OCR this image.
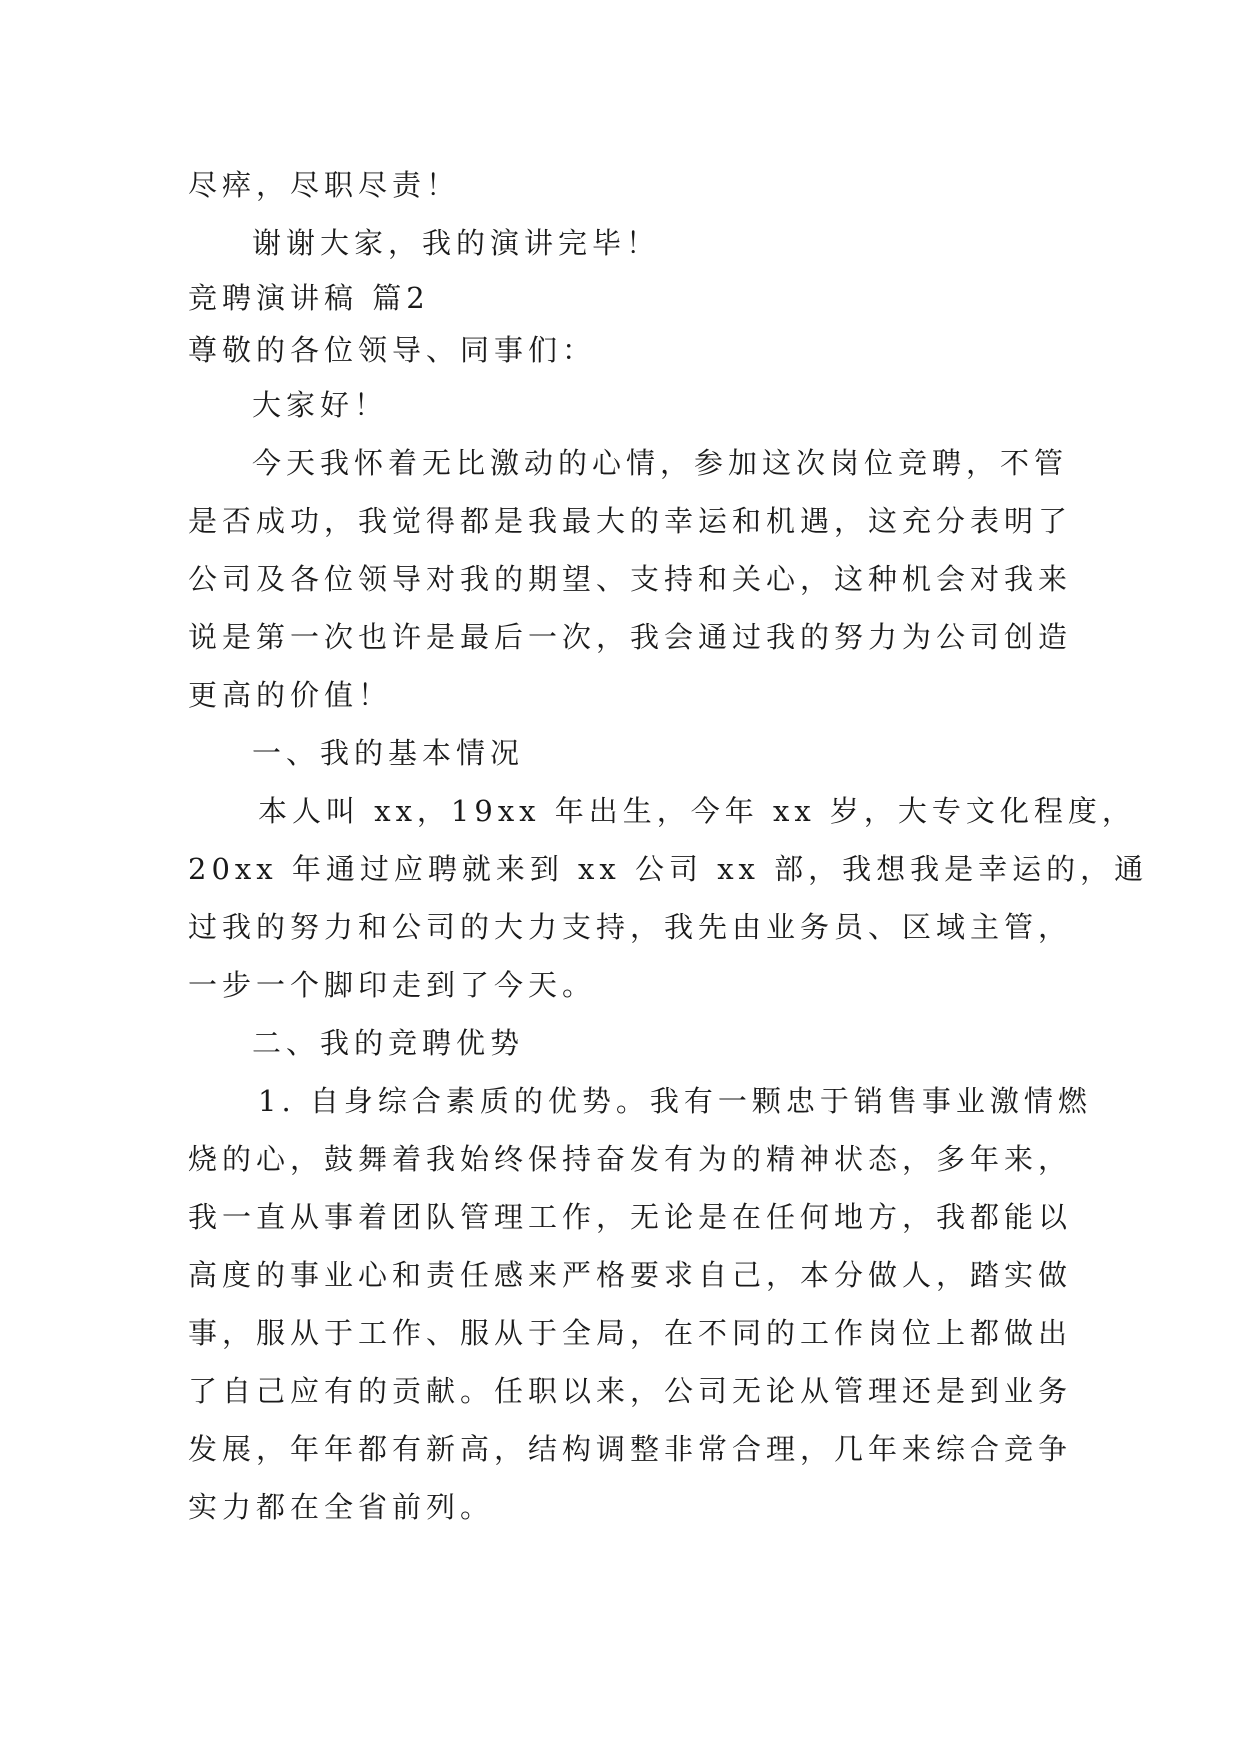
尽瘁，尽职尽责！

谢谢大家，我的演讲完毕！

竞聘演讲稿 篇2

尊敬的各位领导、同事们：

大家好！

今天我怀着无比激动的心情，参加这次岗位竞聘，不管

是否成功，我觉得都是我最大的幸运和机遇，这充分表明了

公司及各位领导对我的期望、支持和关心，这种机会对我来

说是第一次也许是最后一次，我会通过我的努力为公司创造

更高的价值！

一、我的基本情况

本人叫 xx，19xx 年出生，今年 xx 岁，大专文化程度，

20xx 年通过应聘就来到 xx 公司 xx 部，我想我是幸运的，通

过我的努力和公司的大力支持，我先由业务员、区域主管，

一步一个脚印走到了今天。

二、我的竞聘优势

1. 自身综合素质的优势。我有一颗忠于销售事业激情燃

烧的心，鼓舞着我始终保持奋发有为的精神状态，多年来，

我一直从事着团队管理工作，无论是在任何地方，我都能以

高度的事业心和责任感来严格要求自己，本分做人，踏实做

事，服从于工作、服从于全局，在不同的工作岗位上都做出

了自己应有的贡献。任职以来，公司无论从管理还是到业务

发展，年年都有新高，结构调整非常合理，几年来综合竞争

实力都在全省前列。
